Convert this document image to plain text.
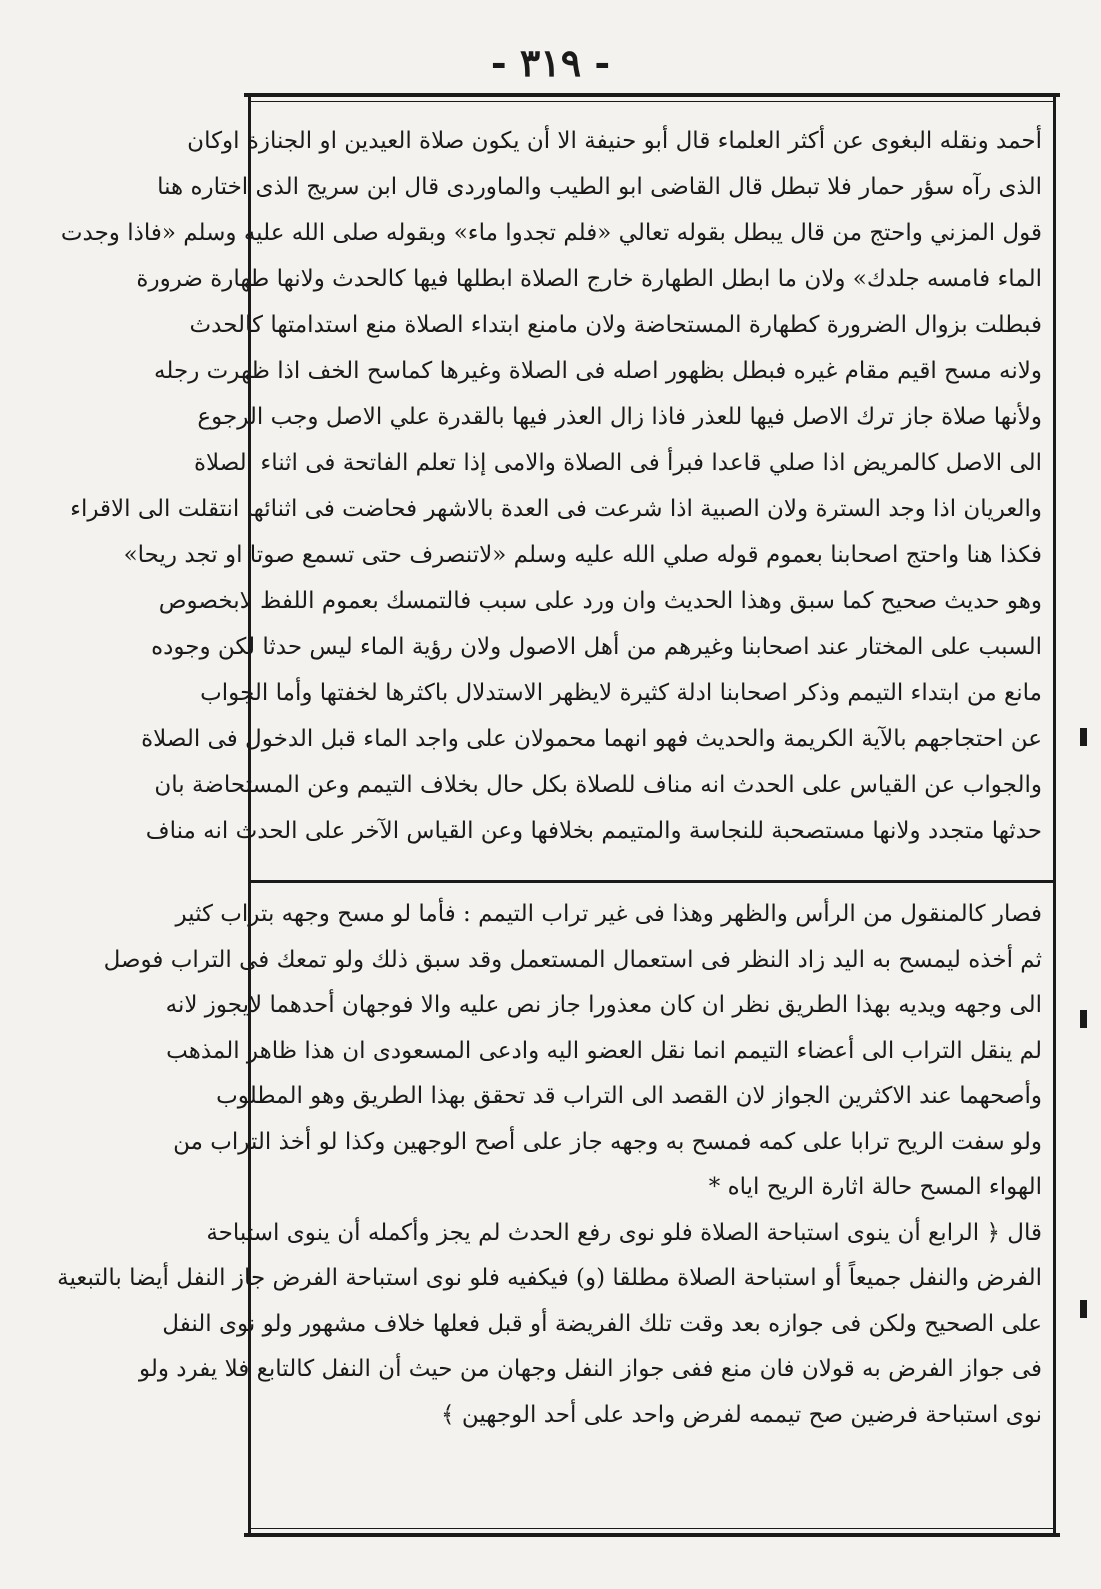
- ٣١٩ -
أحمد ونقله البغوى عن أكثر العلماء قال أبو حنيفة الا أن يكون صلاة العيدين او الجنازة اوكان
الذى رآه سؤر حمار فلا تبطل قال القاضى ابو الطيب والماوردى قال ابن سريج الذى اختاره هنا
قول المزني واحتج من قال يبطل بقوله تعالي «فلم تجدوا ماء» وبقوله صلى الله عليه وسلم «فاذا وجدت
الماء فامسه جلدك» ولان ما ابطل الطهارة خارج الصلاة ابطلها فيها كالحدث ولانها طهارة ضرورة
فبطلت بزوال الضرورة كطهارة المستحاضة ولان مامنع ابتداء الصلاة منع استدامتها كالحدث
ولانه مسح اقيم مقام غيره فبطل بظهور اصله فى الصلاة وغيرها كماسح الخف اذا ظهرت رجله
ولأنها صلاة جاز ترك الاصل فيها للعذر فاذا زال العذر فيها بالقدرة علي الاصل وجب الرجوع
الى الاصل كالمريض اذا صلي قاعدا فبرأ فى الصلاة والامى إذا تعلم الفاتحة فى اثناء الصلاة
والعريان اذا وجد السترة ولان الصبية اذا شرعت فى العدة بالاشهر فحاضت فى اثنائها انتقلت الى الاقراء
فكذا هنا واحتج اصحابنا بعموم قوله صلي الله عليه وسلم «لاتنصرف حتى تسمع صوتا او تجد ريحا»
وهو حديث صحيح كما سبق وهذا الحديث وان ورد على سبب فالتمسك بعموم اللفظ لابخصوص
السبب على المختار عند اصحابنا وغيرهم من أهل الاصول ولان رؤية الماء ليس حدثا لكن وجوده
مانع من ابتداء التيمم وذكر اصحابنا ادلة كثيرة لايظهر الاستدلال باكثرها لخفتها وأما الجواب
عن احتجاجهم بالآية الكريمة والحديث فهو انهما محمولان على واجد الماء قبل الدخول فى الصلاة
والجواب عن القياس على الحدث انه مناف للصلاة بكل حال بخلاف التيمم وعن المستحاضة بان
حدثها متجدد ولانها مستصحبة للنجاسة والمتيمم بخلافها وعن القياس الآخر على الحدث انه مناف
فصار كالمنقول من الرأس والظهر وهذا فى غير تراب التيمم : فأما لو مسح وجهه بتراب كثير
ثم أخذه ليمسح به اليد زاد النظر فى استعمال المستعمل وقد سبق ذلك ولو تمعك فى التراب فوصل
الى وجهه ويديه بهذا الطريق نظر ان كان معذورا جاز نص عليه والا فوجهان أحدهما لايجوز لانه
لم ينقل التراب الى أعضاء التيمم انما نقل العضو اليه وادعى المسعودى ان هذا ظاهر المذهب
وأصحهما عند الاكثرين الجواز لان القصد الى التراب قد تحقق بهذا الطريق وهو المطلوب
ولو سفت الريح ترابا على كمه فمسح به وجهه جاز على أصح الوجهين وكذا لو أخذ التراب من
الهواء المسح حالة اثارة الريح اياه *
قال ﴿ الرابع أن ينوى استباحة الصلاة فلو نوى رفع الحدث لم يجز وأكمله أن ينوى استباحة
الفرض والنفل جميعاً أو استباحة الصلاة مطلقا (و) فيكفيه فلو نوى استباحة الفرض جاز النفل أيضا بالتبعية
على الصحيح ولكن فى جوازه بعد وقت تلك الفريضة أو قبل فعلها خلاف مشهور ولو نوى النفل
فى جواز الفرض به قولان فان منع ففى جواز النفل وجهان من حيث أن النفل كالتابع فلا يفرد ولو
نوى استباحة فرضين صح تيممه لفرض واحد على أحد الوجهين ﴾
